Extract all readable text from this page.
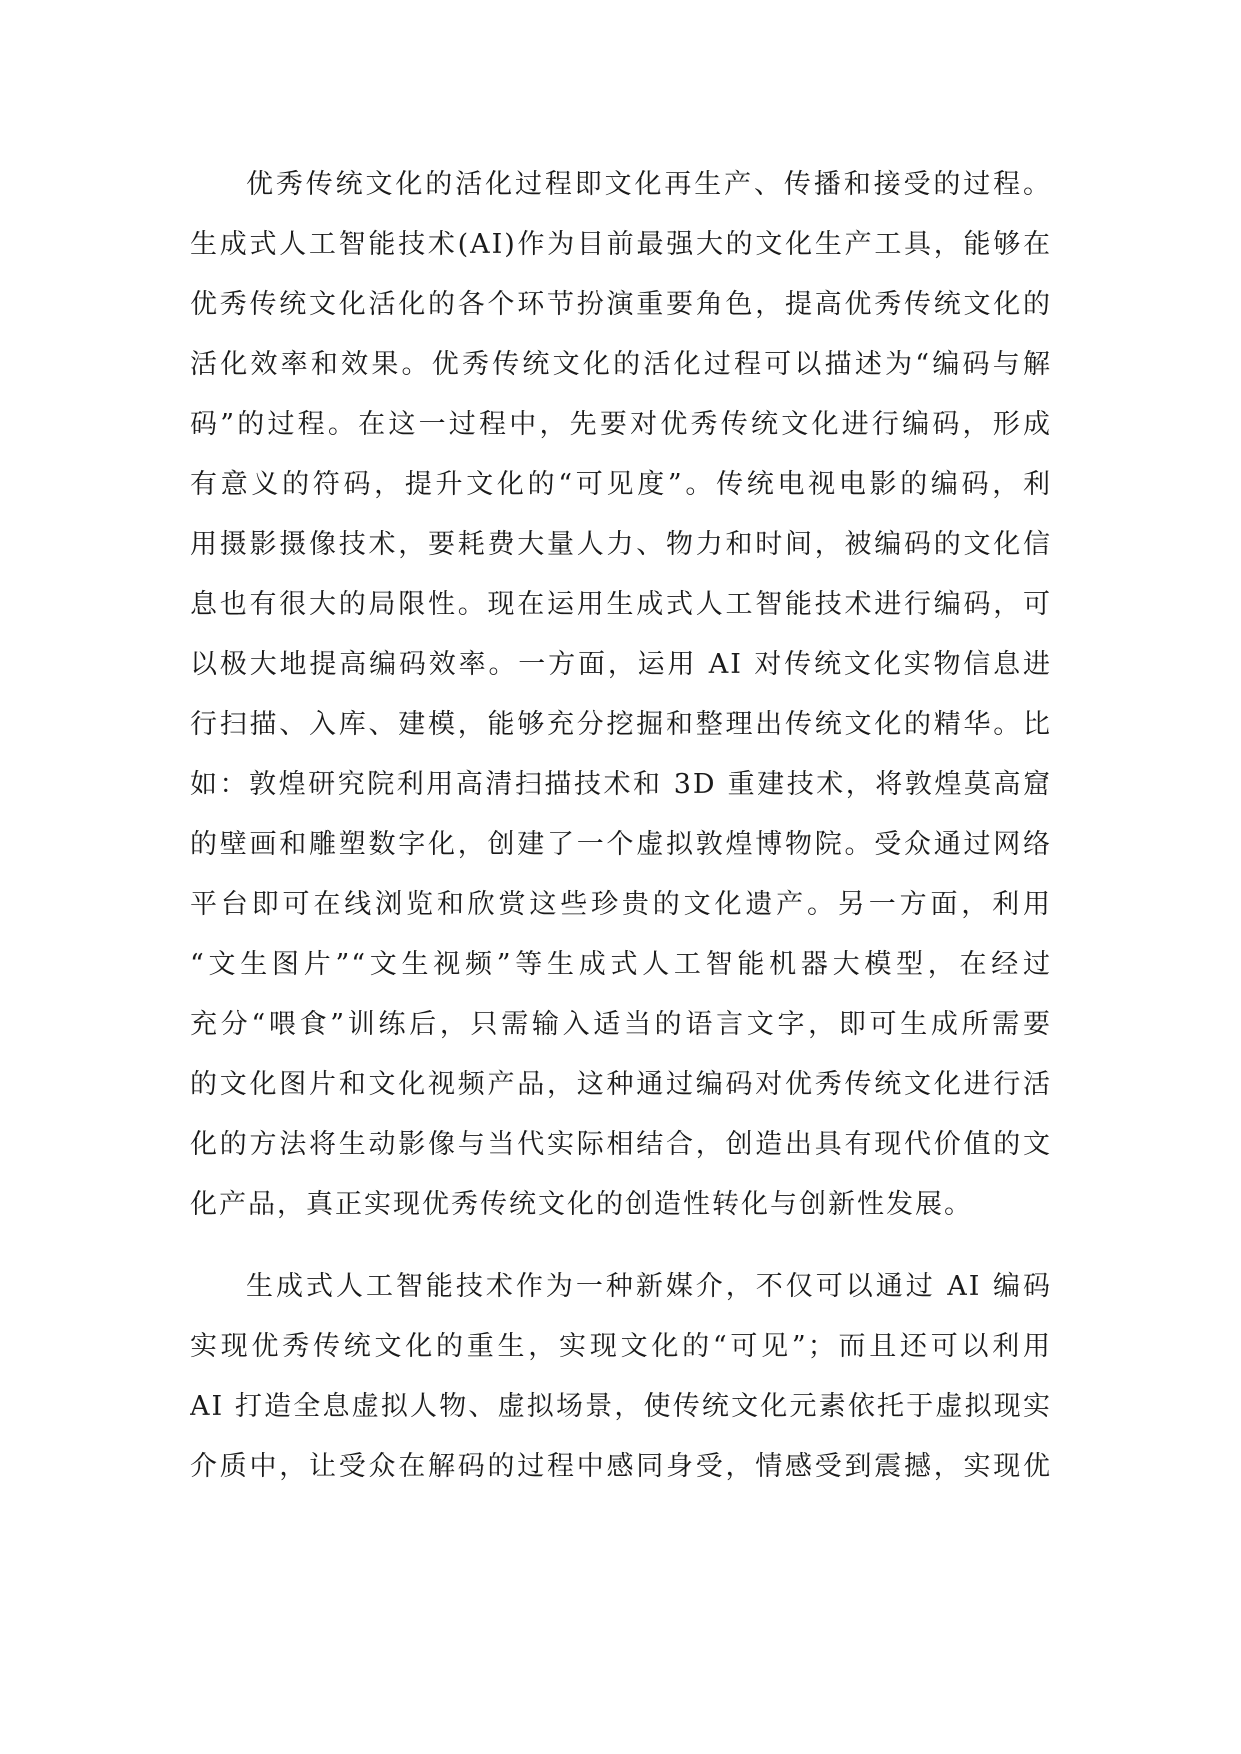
优秀传统文化的活化过程即文化再生产、传播和接受的过程。
生成式人工智能技术(AI)作为目前最强大的文化生产工具，能够在
优秀传统文化活化的各个环节扮演重要角色，提高优秀传统文化的
活化效率和效果。优秀传统文化的活化过程可以描述为“编码与解
码”的过程。在这一过程中，先要对优秀传统文化进行编码，形成
有意义的符码，提升文化的“可见度”。传统电视电影的编码，利
用摄影摄像技术，要耗费大量人力、物力和时间，被编码的文化信
息也有很大的局限性。现在运用生成式人工智能技术进行编码，可
以极大地提高编码效率。一方面，运用 AI 对传统文化实物信息进
行扫描、入库、建模，能够充分挖掘和整理出传统文化的精华。比
如：敦煌研究院利用高清扫描技术和 3D 重建技术，将敦煌莫高窟
的壁画和雕塑数字化，创建了一个虚拟敦煌博物院。受众通过网络
平台即可在线浏览和欣赏这些珍贵的文化遗产。另一方面，利用
“文生图片”“文生视频”等生成式人工智能机器大模型，在经过
充分“喂食”训练后，只需输入适当的语言文字，即可生成所需要
的文化图片和文化视频产品，这种通过编码对优秀传统文化进行活
化的方法将生动影像与当代实际相结合，创造出具有现代价值的文
化产品，真正实现优秀传统文化的创造性转化与创新性发展。
生成式人工智能技术作为一种新媒介，不仅可以通过 AI 编码
实现优秀传统文化的重生，实现文化的“可见”；而且还可以利用
AI 打造全息虚拟人物、虚拟场景，使传统文化元素依托于虚拟现实
介质中，让受众在解码的过程中感同身受，情感受到震撼，实现优
